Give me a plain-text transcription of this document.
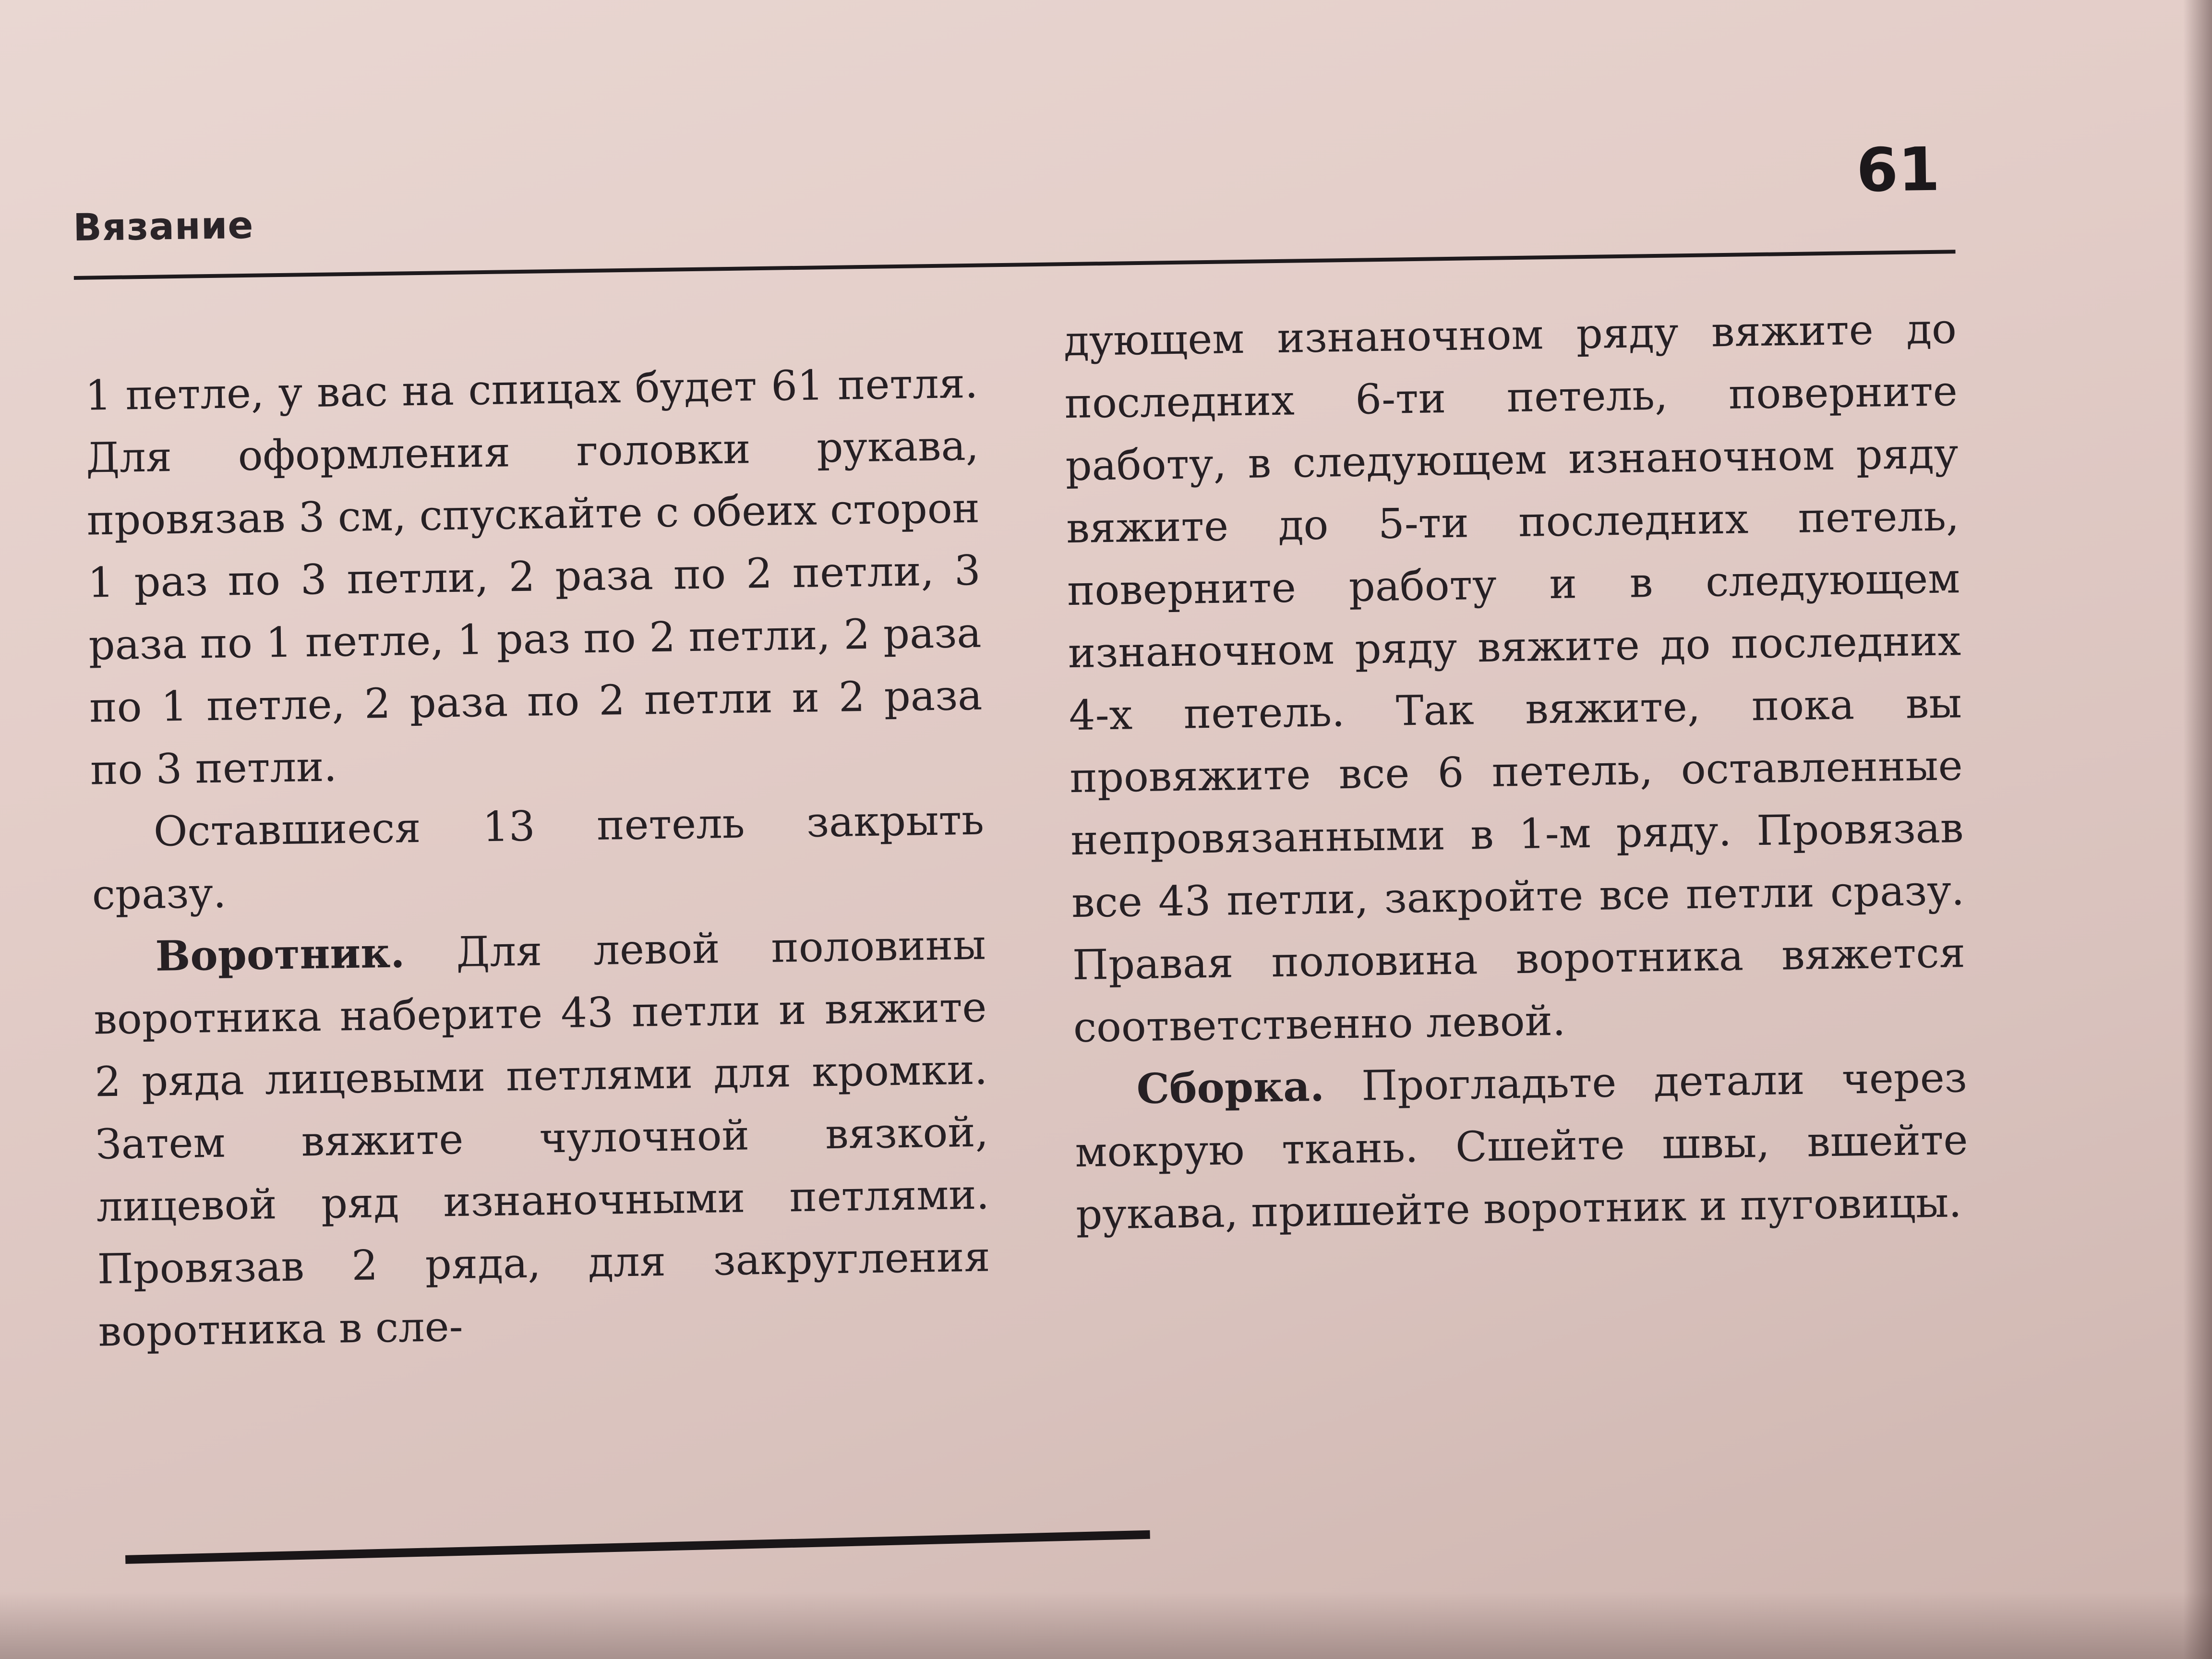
Вязание
61

1 петле, у вас на спицах будет 61 петля. Для оформления головки рукава, провязав 3 см, спускайте с обеих сторон 1 раз по 3 петли, 2 раза по 2 петли, 3 раза по 1 петле, 1 раз по 2 петли, 2 раза по 1 петле, 2 раза по 2 петли и 2 раза по 3 петли.

Оставшиеся 13 петель закрыть сразу.

Воротник. Для левой половины воротника наберите 43 петли и вяжите 2 ряда лицевыми петлями для кромки. Затем вяжите чулочной вязкой, лицевой ряд изнаночными петлями. Провязав 2 ряда, для закругления воротника в сле-

дующем изнаночном ряду вяжите до последних 6-ти петель, поверните работу, в следующем изнаночном ряду вяжите до 5-ти последних петель, поверните работу и в следующем изнаночном ряду вяжите до последних 4-х петель. Так вяжите, пока вы провяжите все 6 петель, оставленные непровязанными в 1-м ряду. Провязав все 43 петли, закройте все петли сразу. Правая половина воротника вяжется соответственно левой.

Сборка. Прогладьте детали через мокрую ткань. Сшейте швы, вшейте рукава, пришейте воротник и пуговицы.
